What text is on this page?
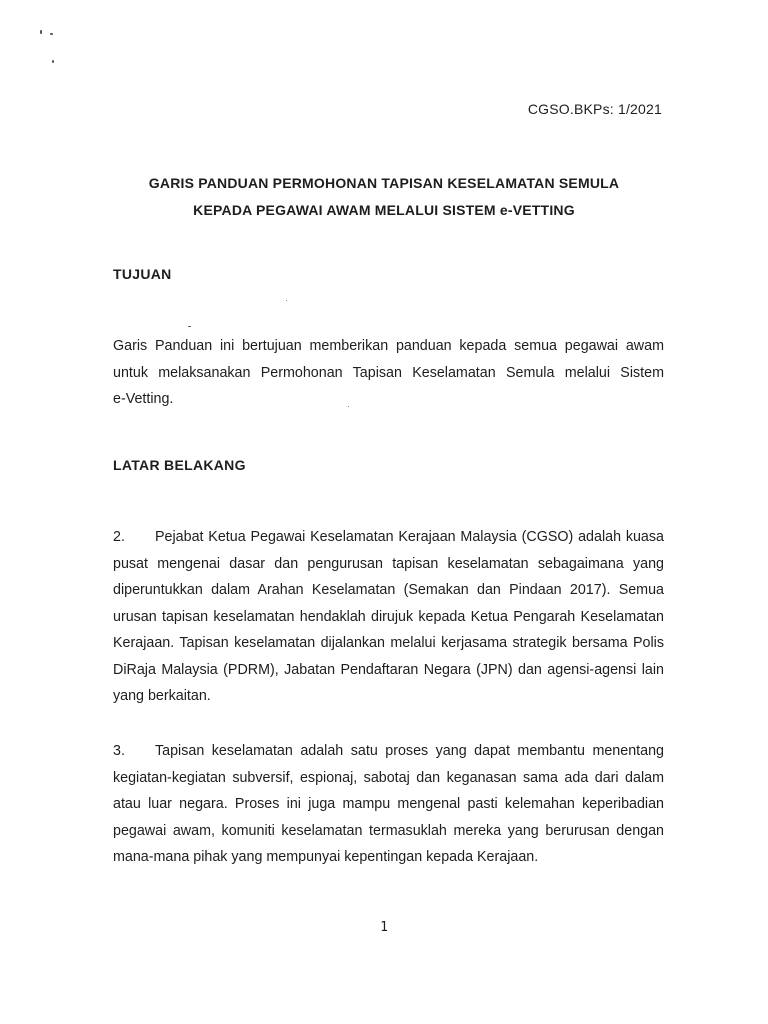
CGSO.BKPs: 1/2021
GARIS PANDUAN PERMOHONAN TAPISAN KESELAMATAN SEMULA
KEPADA PEGAWAI AWAM MELALUI SISTEM e-VETTING
TUJUAN
Garis Panduan ini bertujuan memberikan panduan kepada semua pegawai awam
untuk melaksanakan Permohonan Tapisan Keselamatan Semula melalui Sistem
e-Vetting.
LATAR BELAKANG
2. Pejabat Ketua Pegawai Keselamatan Kerajaan Malaysia (CGSO) adalah kuasa
pusat mengenai dasar dan pengurusan tapisan keselamatan sebagaimana yang
diperuntukkan dalam Arahan Keselamatan (Semakan dan Pindaan 2017). Semua
urusan tapisan keselamatan hendaklah dirujuk kepada Ketua Pengarah Keselamatan
Kerajaan. Tapisan keselamatan dijalankan melalui kerjasama strategik bersama Polis
DiRaja Malaysia (PDRM), Jabatan Pendaftaran Negara (JPN) dan agensi-agensi lain
yang berkaitan.
3. Tapisan keselamatan adalah satu proses yang dapat membantu menentang
kegiatan-kegiatan subversif, espionaj, sabotaj dan keganasan sama ada dari dalam
atau luar negara. Proses ini juga mampu mengenal pasti kelemahan keperibadian
pegawai awam, komuniti keselamatan termasuklah mereka yang berurusan dengan
mana-mana pihak yang mempunyai kepentingan kepada Kerajaan.
1
